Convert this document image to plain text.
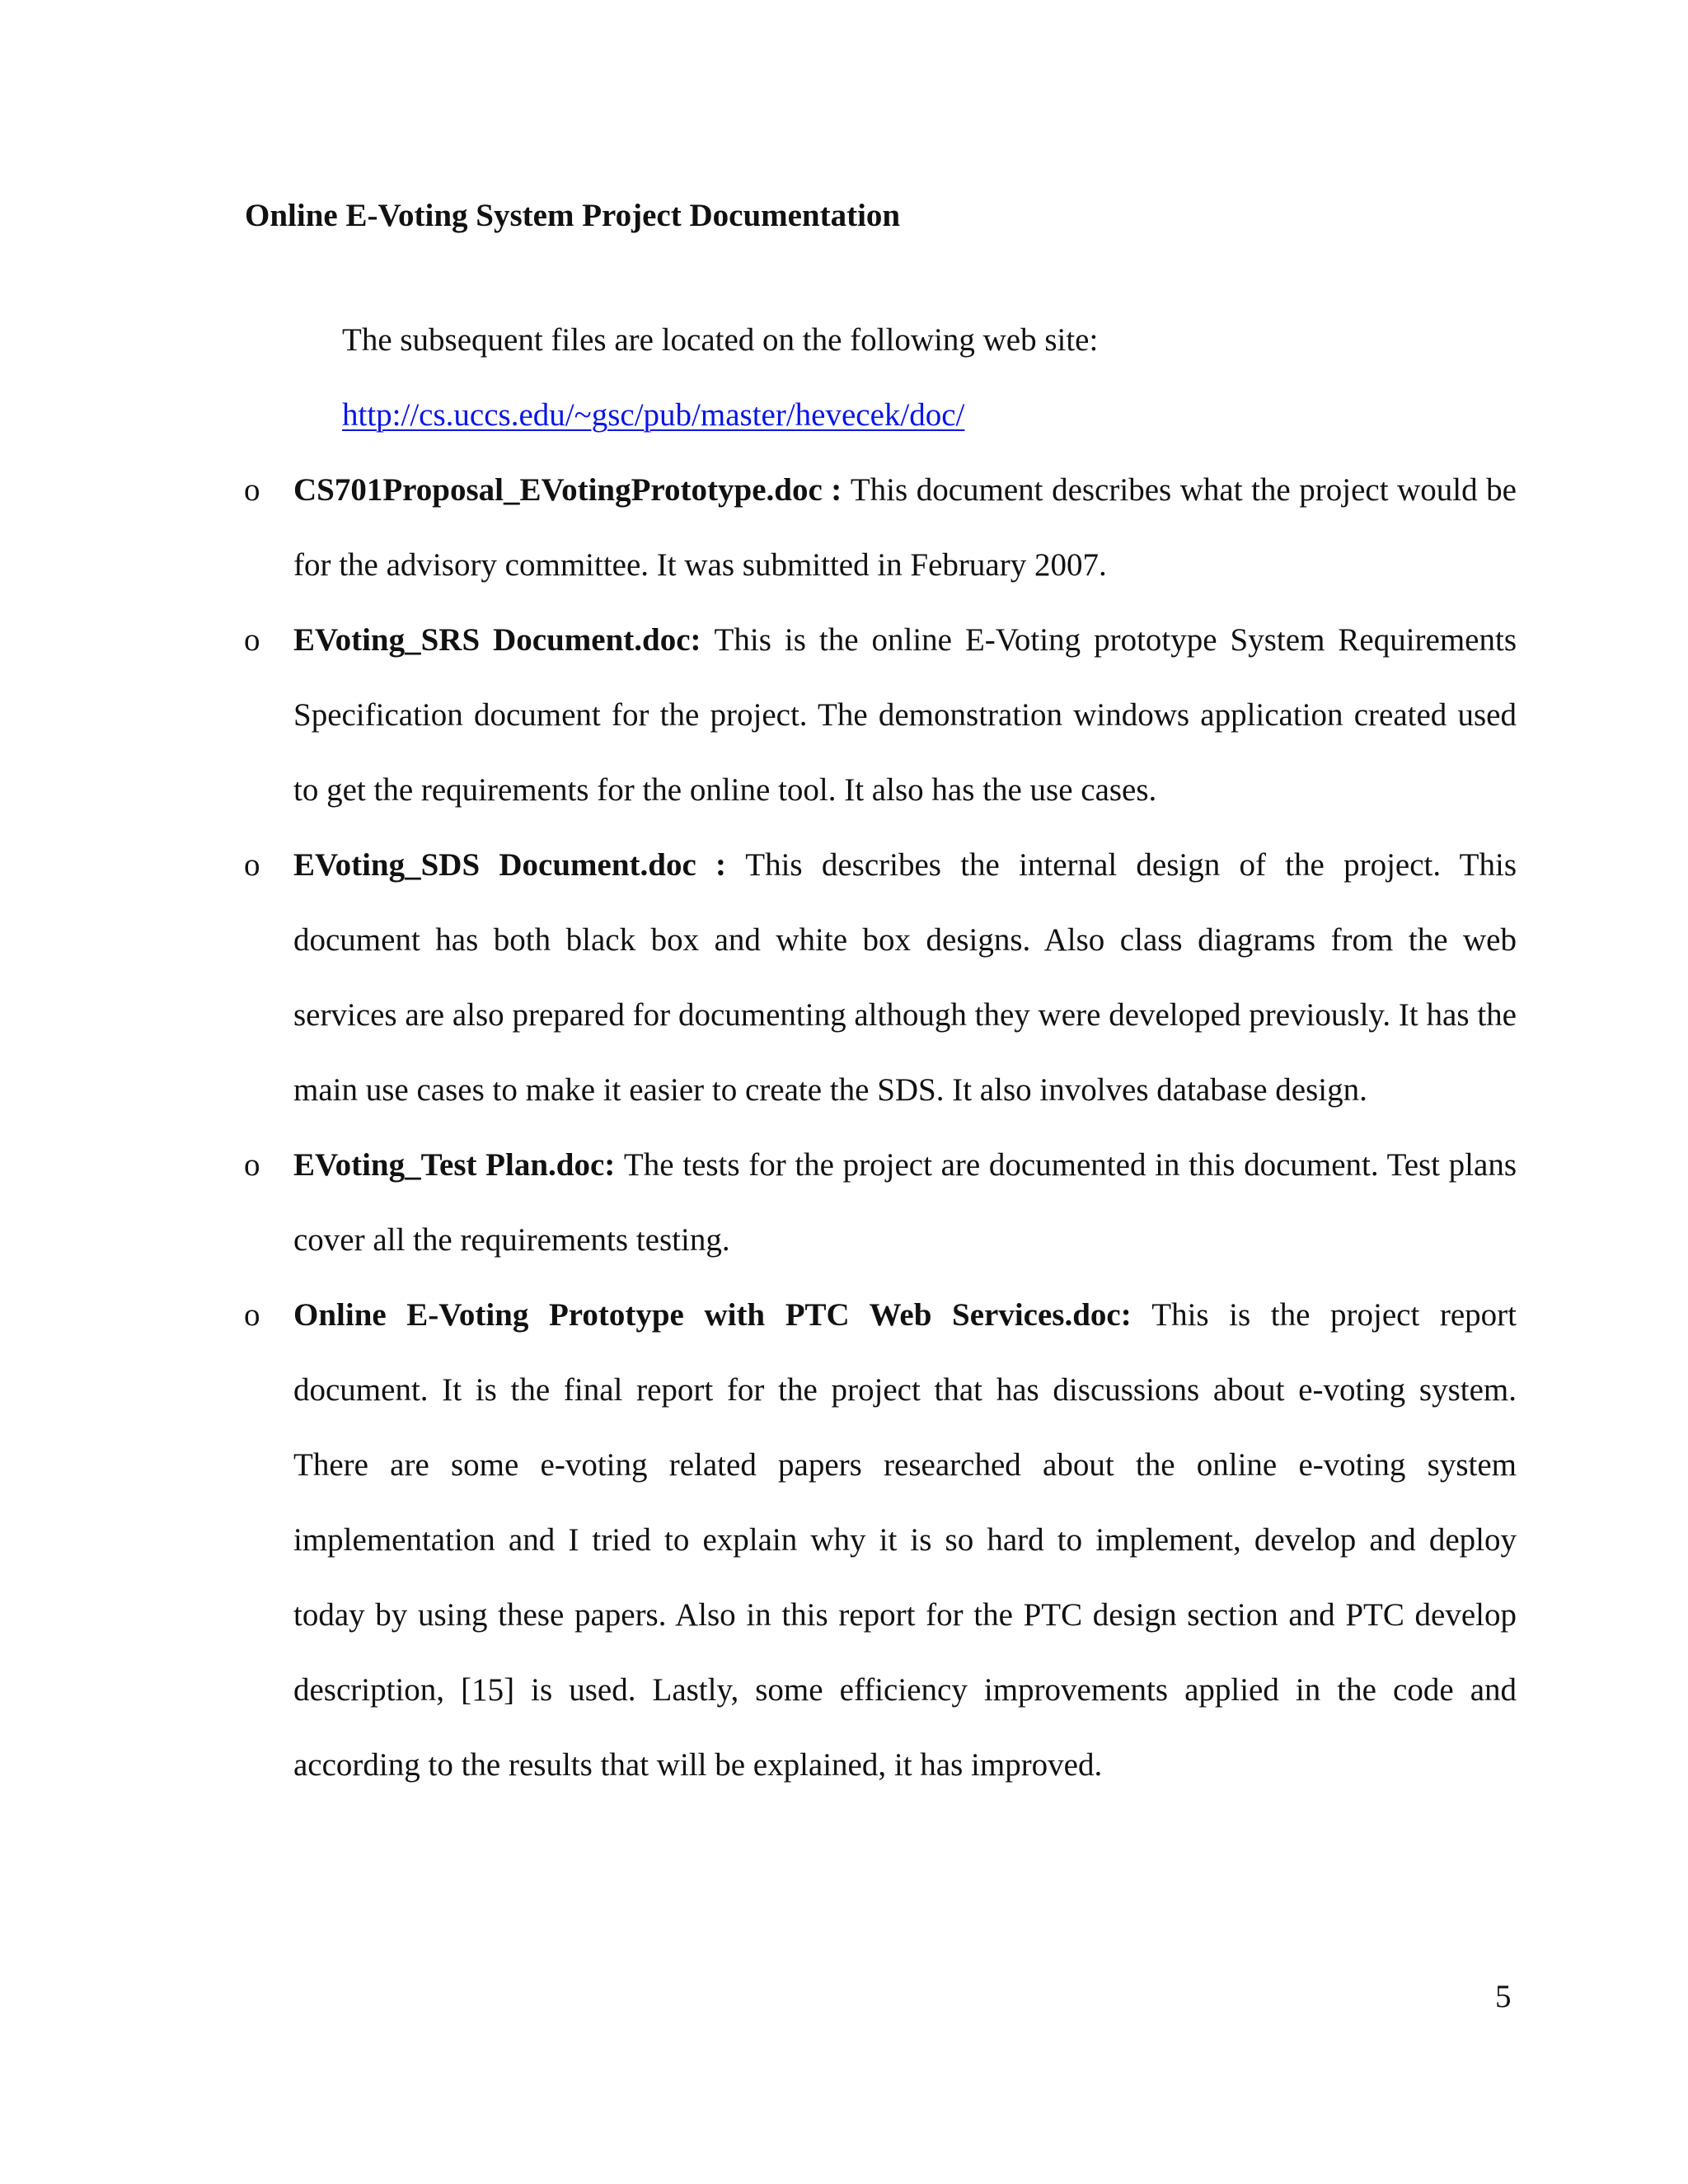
Online E-Voting System Project Documentation
The subsequent files are located on the following web site:
http://cs.uccs.edu/~gsc/pub/master/hevecek/doc/
o CS701Proposal_EVotingPrototype.doc : This document describes what the project would be for the advisory committee. It was submitted in February 2007.
o EVoting_SRS Document.doc: This is the online E-Voting prototype System Requirements Specification document for the project. The demonstration windows application created used to get the requirements for the online tool. It also has the use cases.
o EVoting_SDS Document.doc : This describes the internal design of the project. This document has both black box and white box designs. Also class diagrams from the web services are also prepared for documenting although they were developed previously. It has the main use cases to make it easier to create the SDS. It also involves database design.
o EVoting_Test Plan.doc: The tests for the project are documented in this document. Test plans cover all the requirements testing.
o Online E-Voting Prototype with PTC Web Services.doc: This is the project report document. It is the final report for the project that has discussions about e-voting system. There are some e-voting related papers researched about the online e-voting system implementation and I tried to explain why it is so hard to implement, develop and deploy today by using these papers. Also in this report for the PTC design section and PTC develop description, [15] is used. Lastly, some efficiency improvements applied in the code and according to the results that will be explained, it has improved.
5
